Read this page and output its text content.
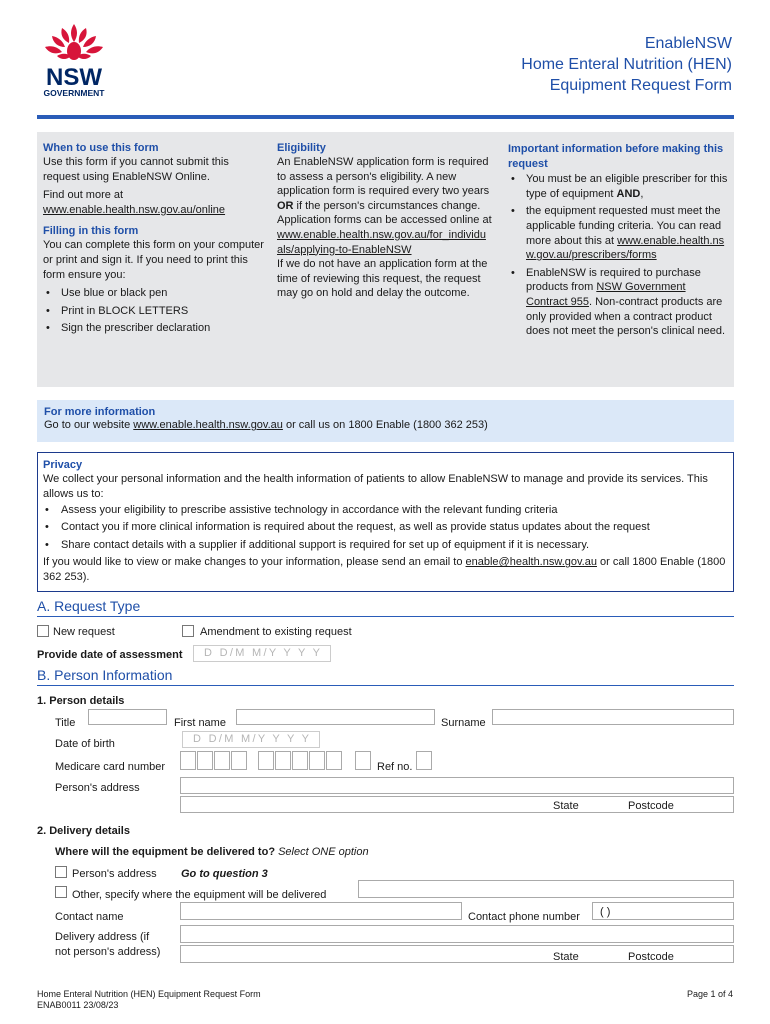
NSW
GOVERNMENT
EnableNSW
Home Enteral Nutrition (HEN)
Equipment Request Form
When to use this form

Use this form if you cannot submit this request using EnableNSW Online.

Find out more at

www.enable.health.nsw.gov.au/online

Filling in this form

You can complete this form on your computer or print and sign it. If you need to print this form ensure you:

• Use blue or black pen
• Print in BLOCK LETTERS
• Sign the prescriber declaration
Eligibility

An EnableNSW application form is required to assess a person's eligibility. A new application form is required every two years OR if the person's circumstances change. Application forms can be accessed online at www.enable.health.nsw.gov.au/for_individuals/applying-to-EnableNSW

If we do not have an application form at the time of reviewing this request, the request may go on hold and delay the outcome.

Important information before making this request
• You must be an eligible prescriber for this type of equipment AND,
• the equipment requested must meet the applicable funding criteria. You can read more about this at www.enable.health.nsw.gov.au/prescribers/forms
• EnableNSW is required to purchase products from NSW Government Contract 955. Non-contract products are only provided when a contract product does not meet the person's clinical need.
For more information
Go to our website www.enable.health.nsw.gov.au or call us on 1800 Enable (1800 362 253)
Privacy

We collect your personal information and the health information of patients to allow EnableNSW to manage and provide its services. This allows us to:

• Assess your eligibility to prescribe assistive technology in accordance with the relevant funding criteria
• Contact you if more clinical information is required about the request, as well as provide status updates about the request
• Share contact details with a supplier if additional support is required for set up of equipment if it is necessary.

If you would like to view or make changes to your information, please send an email to enable@health.nsw.gov.au or call 1800 Enable (1800 362 253).

A. Request Type
New request	Amendment to existing request
Provide date of assessment	D D/M M/Y Y Y Y
B. Person Information
1. Person details
Title	First name	Surname
Date of birth	D D/M M/Y Y Y Y
Medicare card number	Ref no.
Person's address
State	Postcode
2. Delivery details
Where will the equipment be delivered to? Select ONE option
Person's address Go to question 3
Other, specify where the equipment will be delivered
Contact name	Contact phone number ( )
Delivery address (if
not person's address)	State	Postcode
Home Enteral Nutrition (HEN) Equipment Request Form
ENAB0011 23/08/23
Page 1 of 4
